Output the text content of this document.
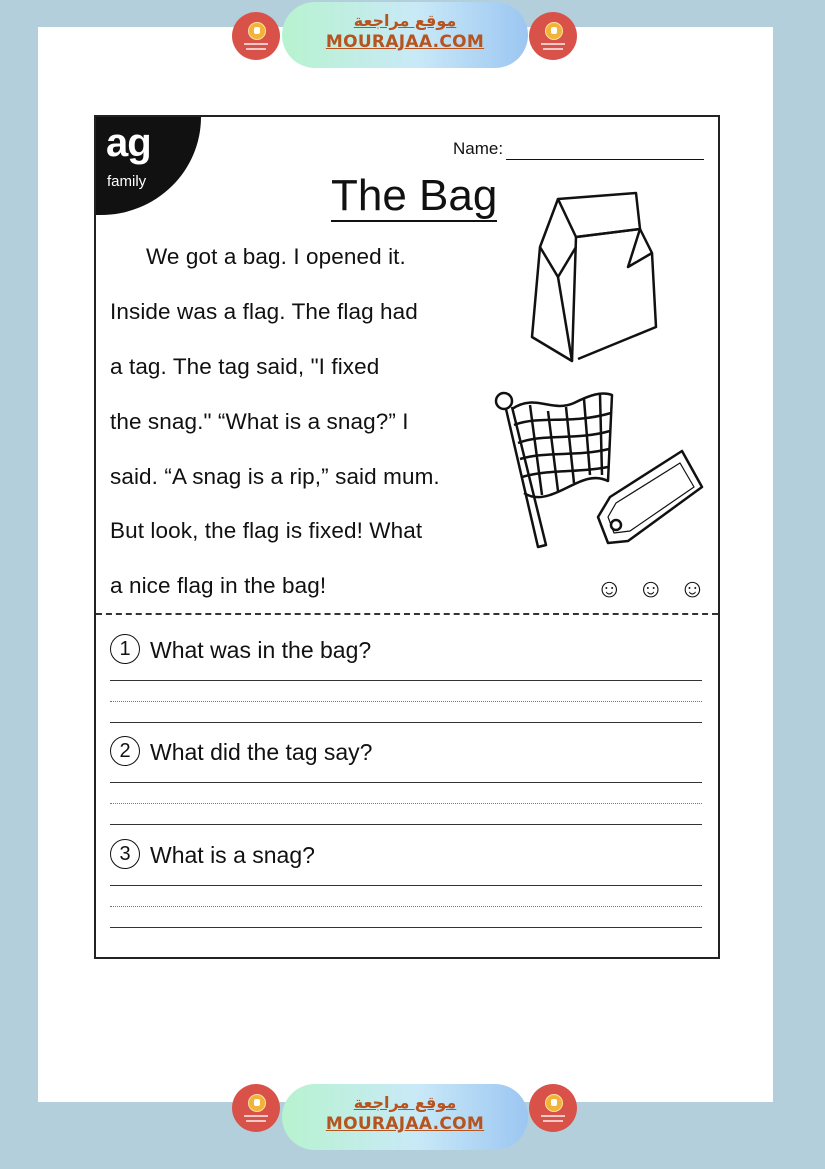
موقع مراجعة
MOURAJAA.COM
ag
family
Name:
The Bag
We got a bag. I opened it.
Inside was a flag. The flag had
a tag. The tag said, "I fixed
the snag." “What is a snag?” I
said. “A snag is a rip,” said mum.
But look, the flag is fixed! What
a nice flag in the bag!	☺☺☺
1 What was in the bag?
2 What did the tag say?
3 What is a snag?
موقع مراجعة
MOURAJAA.COM
